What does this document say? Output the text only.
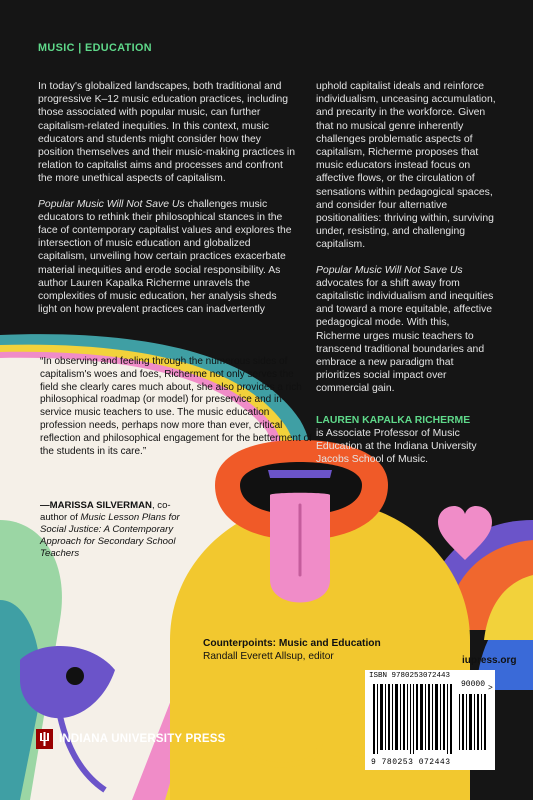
MUSIC | EDUCATION

In today's globalized landscapes, both traditional and progressive K–12 music education practices, including those associated with popular music, can further capitalism-related inequities. In this context, music educators and students might consider how they position themselves and their music-making practices in relation to capitalist aims and processes and confront the more unethical aspects of capitalism.

Popular Music Will Not Save Us challenges music educators to rethink their philosophical stances in the face of contemporary capitalist values and explores the intersection of music education and globalized capitalism, unveiling how certain practices exacerbate material inequities and erode social responsibility. As author Lauren Kapalka Richerme unravels the complexities of music education, her analysis sheds light on how prevalent practices can inadvertently

uphold capitalist ideals and reinforce individualism, unceasing accumulation, and precarity in the workforce. Given that no musical genre inherently challenges problematic aspects of capitalism, Richerme proposes that music educators instead focus on affective flows, or the circulation of sensations within pedagogical spaces, and consider four alternative positionalities: thriving within, surviving under, resisting, and challenging capitalism.

Popular Music Will Not Save Us advocates for a shift away from capitalistic individualism and inequities and toward a more equitable, affective pedagogical mode. With this, Richerme urges music teachers to transcend traditional boundaries and embrace a new paradigm that prioritizes social impact over commercial gain.

LAUREN KAPALKA RICHERME
is Associate Professor of Music Education at the Indiana University Jacobs School of Music.

“In observing and feeling through the numerous sides of capitalism's woes and foes, Richerme not only serves the field she clearly cares much about, she also provides a rich philosophical roadmap (or model) for preservice and in-service music teachers to use. The music education profession needs, perhaps now more than ever, critical reflection and philosophical engagement for the betterment of the students in its care.”
—MARISSA SILVERMAN, co-author of Music Lesson Plans for Social Justice: A Contemporary Approach for Secondary School Teachers
Counterpoints: Music and Education
Randall Everett Allsup, editor	iupress.org
ISBN 9780253072443
90000 >
9 780253 072443
INDIANA UNIVERSITY PRESS
